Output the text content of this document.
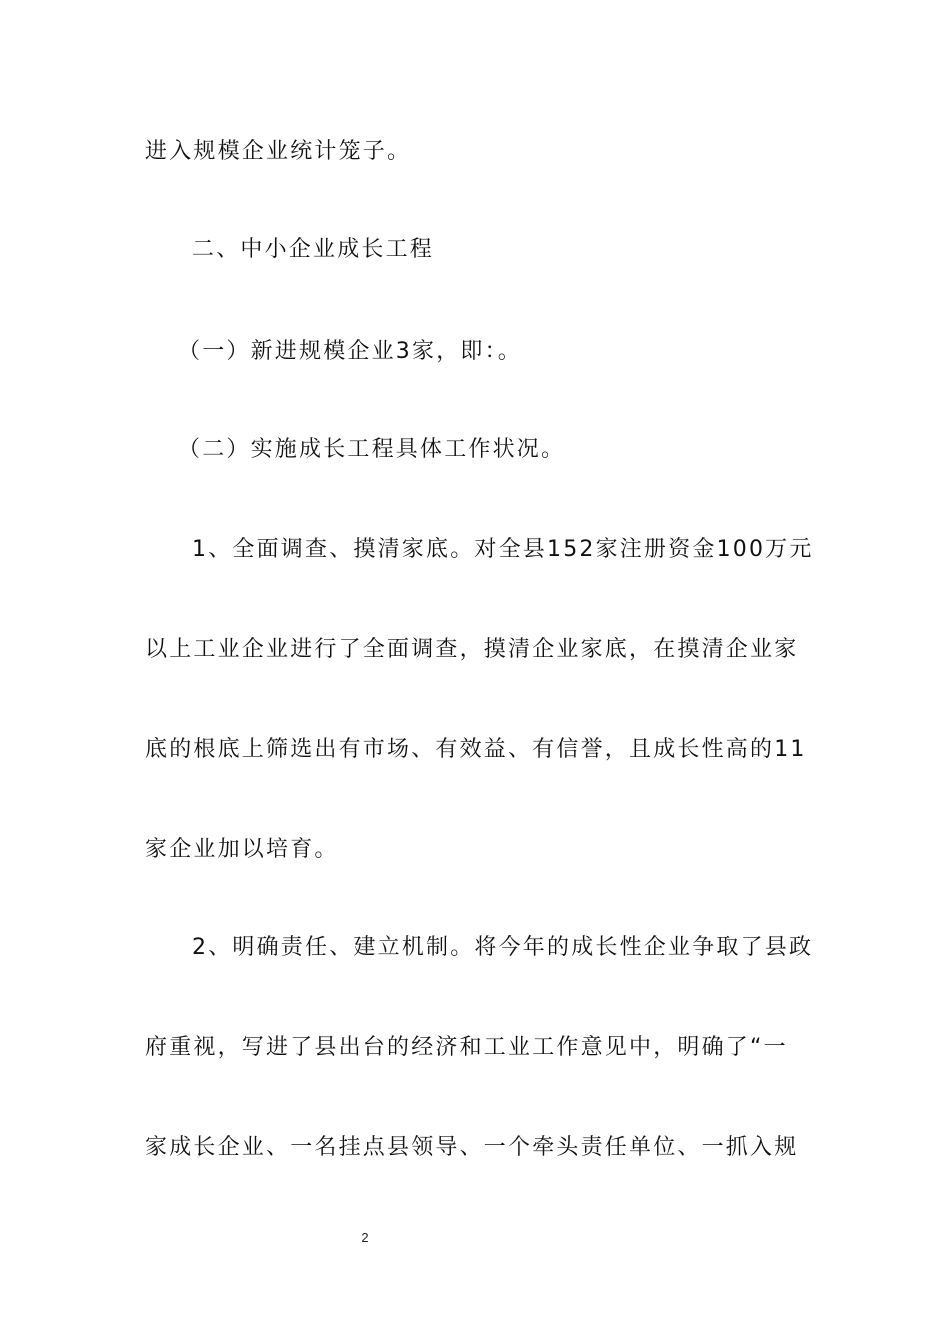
进入规模企业统计笼子。
二、中小企业成长工程
（一）新进规模企业3家，即：。
（二）实施成长工程具体工作状况。
1、全面调查、摸清家底。对全县152家注册资金100万元
以上工业企业进行了全面调查，摸清企业家底，在摸清企业家
底的根底上筛选出有市场、有效益、有信誉，且成长性高的11
家企业加以培育。
2、明确责任、建立机制。将今年的成长性企业争取了县政
府重视，写进了县出台的经济和工业工作意见中，明确了“一
家成长企业、一名挂点县领导、一个牵头责任单位、一抓入规
2
